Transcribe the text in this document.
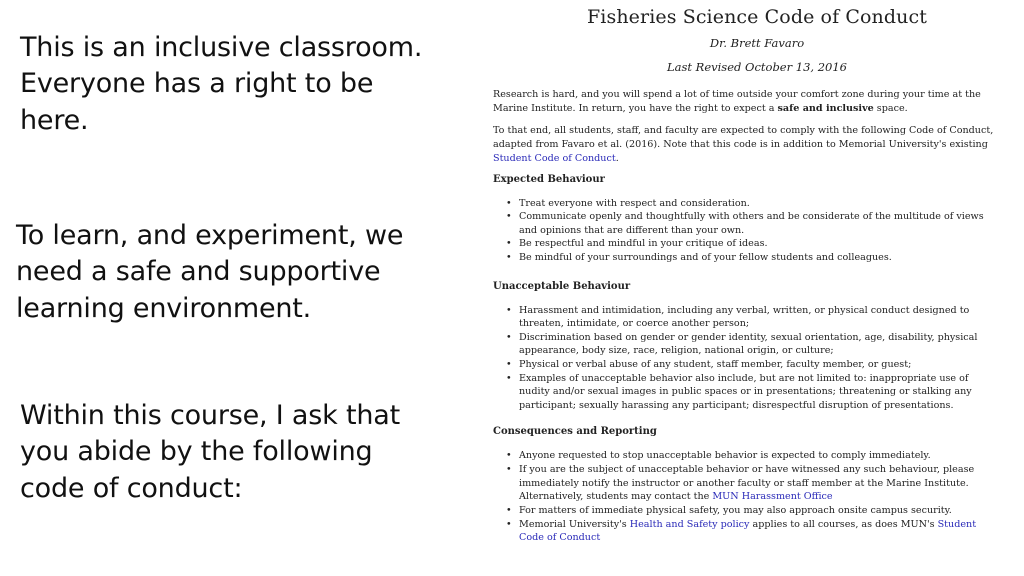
This is an inclusive classroom. Everyone has a right to be here.
To learn, and experiment, we need a safe and supportive learning environment.
Within this course, I ask that you abide by the following code of conduct:
Fisheries Science Code of Conduct
Dr. Brett Favaro
Last Revised October 13, 2016

Research is hard, and you will spend a lot of time outside your comfort zone during your time at the Marine Institute. In return, you have the right to expect a safe and inclusive space.

To that end, all students, staff, and faculty are expected to comply with the following Code of Conduct, adapted from Favaro et al. (2016). Note that this code is in addition to Memorial University's existing Student Code of Conduct.

Expected Behaviour
• Treat everyone with respect and consideration.
• Communicate openly and thoughtfully with others and be considerate of the multitude of views and opinions that are different than your own.
• Be respectful and mindful in your critique of ideas.
• Be mindful of your surroundings and of your fellow students and colleagues.
Unacceptable Behaviour
• Harassment and intimidation, including any verbal, written, or physical conduct designed to threaten, intimidate, or coerce another person;
• Discrimination based on gender or gender identity, sexual orientation, age, disability, physical appearance, body size, race, religion, national origin, or culture;
• Physical or verbal abuse of any student, staff member, faculty member, or guest;
• Examples of unacceptable behavior also include, but are not limited to: inappropriate use of nudity and/or sexual images in public spaces or in presentations; threatening or stalking any participant; sexually harassing any participant; disrespectful disruption of presentations.
Consequences and Reporting
• Anyone requested to stop unacceptable behavior is expected to comply immediately.
• If you are the subject of unacceptable behavior or have witnessed any such behaviour, please immediately notify the instructor or another faculty or staff member at the Marine Institute. Alternatively, students may contact the MUN Harassment Office
• For matters of immediate physical safety, you may also approach onsite campus security.
• Memorial University's Health and Safety policy applies to all courses, as does MUN's Student Code of Conduct
